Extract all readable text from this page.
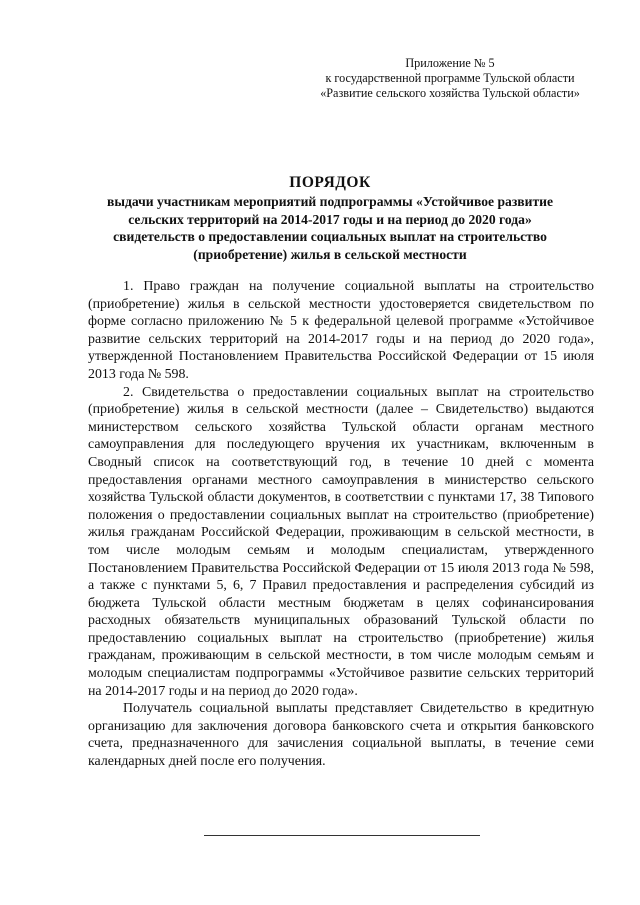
Приложение № 5
к государственной программе Тульской области
«Развитие сельского хозяйства Тульской области»
ПОРЯДОК
выдачи участникам мероприятий подпрограммы «Устойчивое развитие
сельских территорий на 2014-2017 годы и на период до 2020 года»
свидетельств о предоставлении социальных выплат на строительство
(приобретение) жилья в сельской местности

1. Право граждан на получение социальной выплаты на строительство (приобретение) жилья в сельской местности удостоверяется свидетельством по форме согласно приложению № 5 к федеральной целевой программе «Устойчивое развитие сельских территорий на 2014-2017 годы и на период до 2020 года», утвержденной Постановлением Правительства Российской Федерации от 15 июля 2013 года № 598.

2. Свидетельства о предоставлении социальных выплат на строительство (приобретение) жилья в сельской местности (далее – Свидетельство) выдаются министерством сельского хозяйства Тульской области органам местного самоуправления для последующего вручения их участникам, включенным в Сводный список на соответствующий год, в течение 10 дней с момента предоставления органами местного самоуправления в министерство сельского хозяйства Тульской области документов, в соответствии с пунктами 17, 38 Типового положения о предоставлении социальных выплат на строительство (приобретение) жилья гражданам Российской Федерации, проживающим в сельской местности, в том числе молодым семьям и молодым специалистам, утвержденного Постановлением Правительства Российской Федерации от 15 июля 2013 года № 598, а также с пунктами 5, 6, 7 Правил предоставления и распределения субсидий из бюджета Тульской области местным бюджетам в целях софинансирования расходных обязательств муниципальных образований Тульской области по предоставлению социальных выплат на строительство (приобретение) жилья гражданам, проживающим в сельской местности, в том числе молодым семьям и молодым специалистам подпрограммы «Устойчивое развитие сельских территорий на 2014-2017 годы и на период до 2020 года».

Получатель социальной выплаты представляет Свидетельство в кредитную организацию для заключения договора банковского счета и открытия банковского счета, предназначенного для зачисления социальной выплаты, в течение семи календарных дней после его получения.
